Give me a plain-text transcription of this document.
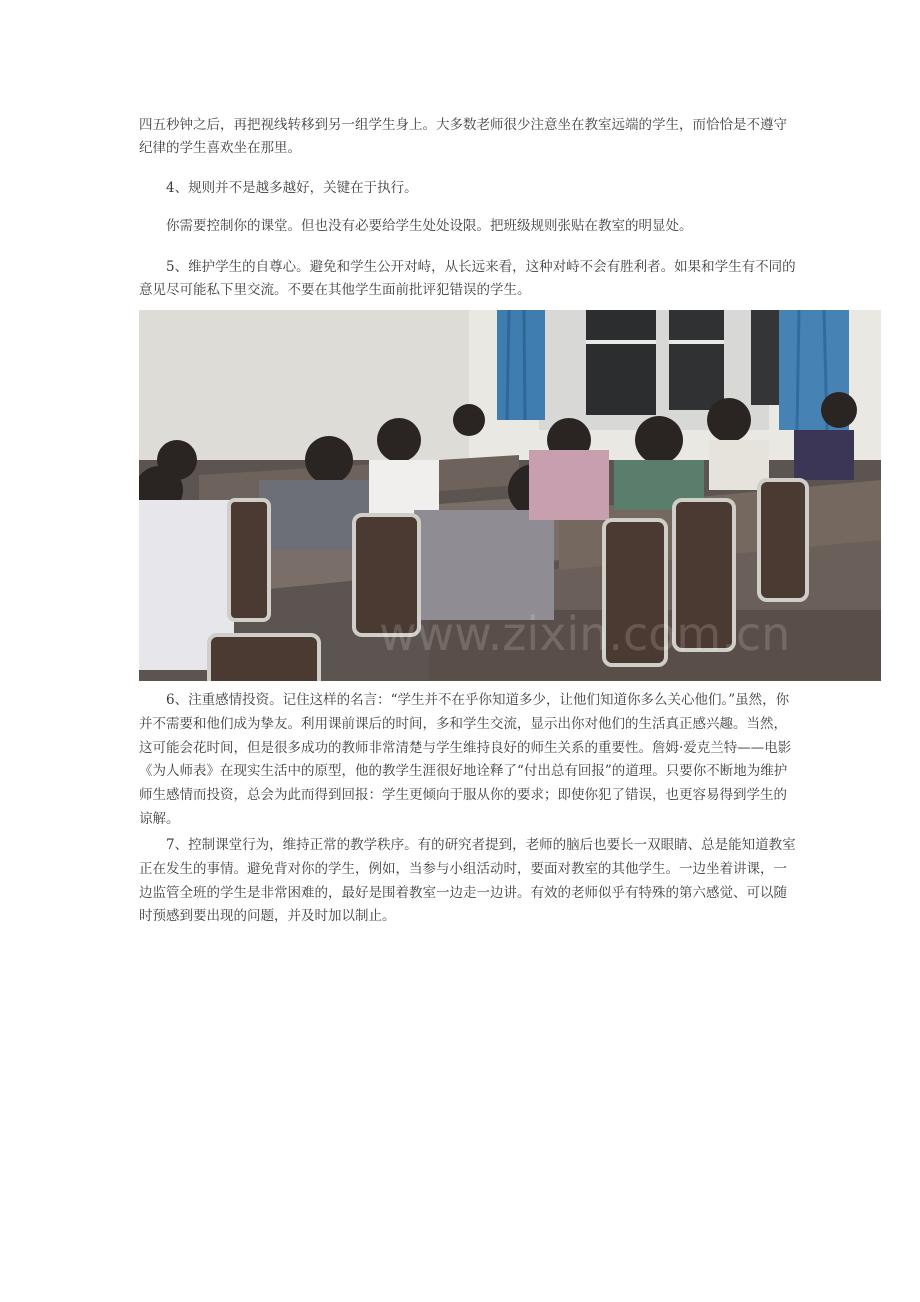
四五秒钟之后，再把视线转移到另一组学生身上。大多数老师很少注意坐在教室远端的学生，而恰恰是不遵守纪律的学生喜欢坐在那里。

4、规则并不是越多越好，关键在于执行。

你需要控制你的课堂。但也没有必要给学生处处设限。把班级规则张贴在教室的明显处。

5、维护学生的自尊心。避免和学生公开对峙，从长远来看，这种对峙不会有胜利者。如果和学生有不同的意见尽可能私下里交流。不要在其他学生面前批评犯错误的学生。

www.zixin.com.cn

6、注重感情投资。记住这样的名言：“学生并不在乎你知道多少，让他们知道你多么关心他们。”虽然，你并不需要和他们成为挚友。利用课前课后的时间，多和学生交流，显示出你对他们的生活真正感兴趣。当然，这可能会花时间，但是很多成功的教师非常清楚与学生维持良好的师生关系的重要性。詹姆·爱克兰特——电影《为人师表》在现实生活中的原型，他的教学生涯很好地诠释了“付出总有回报”的道理。只要你不断地为维护师生感情而投资，总会为此而得到回报：学生更倾向于服从你的要求；即使你犯了错误，也更容易得到学生的谅解。

7、控制课堂行为，维持正常的教学秩序。有的研究者提到，老师的脑后也要长一双眼睛、总是能知道教室正在发生的事情。避免背对你的学生，例如，当参与小组活动时，要面对教室的其他学生。一边坐着讲课，一边监管全班的学生是非常困难的，最好是围着教室一边走一边讲。有效的老师似乎有特殊的第六感觉、可以随时预感到要出现的问题，并及时加以制止。
